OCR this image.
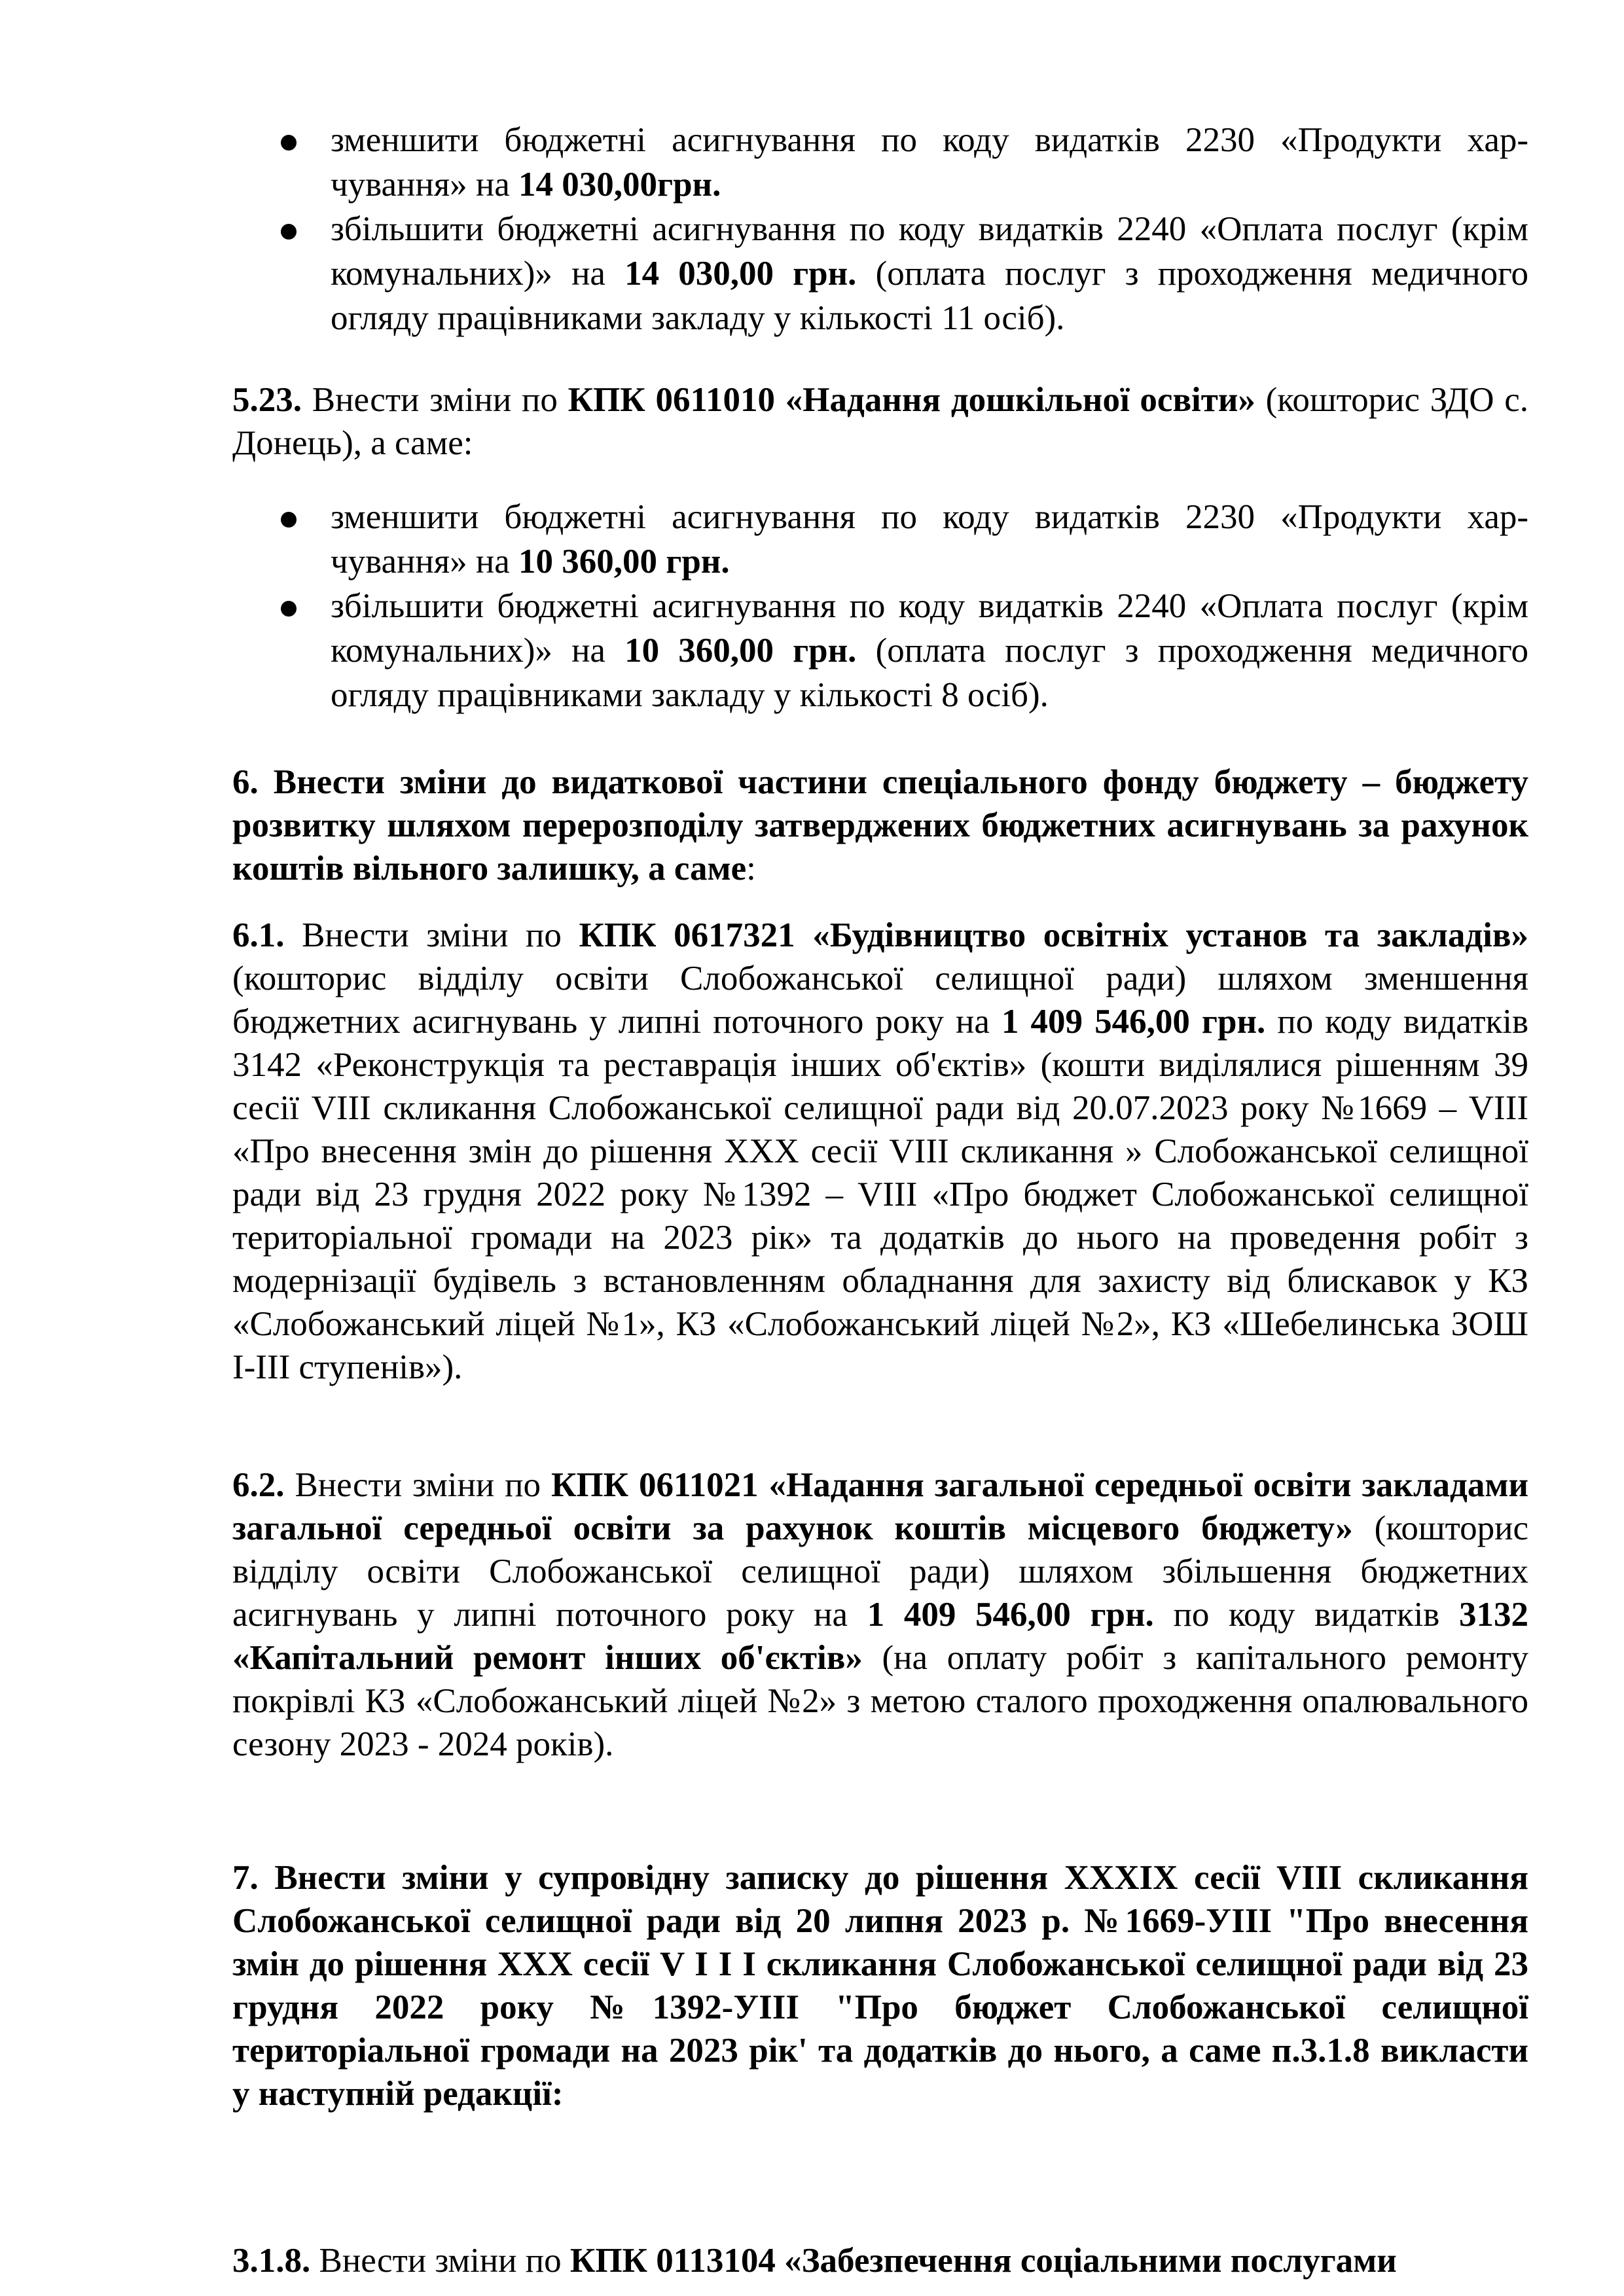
зменшити бюджетні асигнування по коду видатків 2230 «Продукти хар-чування» на 14 030,00грн.
збільшити бюджетні асигнування по коду видатків 2240 «Оплата послуг (крім комунальних)» на 14 030,00 грн. (оплата послуг з проходження медичного огляду працівниками закладу у кількості 11 осіб).

5.23. Внести зміни по КПК 0611010 «Надання дошкільної освіти» (кошторис ЗДО с. Донець), а саме:

зменшити бюджетні асигнування по коду видатків 2230 «Продукти хар-чування» на 10 360,00 грн.
збільшити бюджетні асигнування по коду видатків 2240 «Оплата послуг (крім комунальних)» на 10 360,00 грн. (оплата послуг з проходження медичного огляду працівниками закладу у кількості 8 осіб).

6. Внести зміни до видаткової частини спеціального фонду бюджету – бюджету розвитку шляхом перерозподілу затверджених бюджетних асигнувань за рахунок коштів вільного залишку, а саме:

6.1. Внести зміни по КПК 0617321 «Будівництво освітніх установ та закладів» (кошторис відділу освіти Слобожанської селищної ради) шляхом зменшення бюджетних асигнувань у липні поточного року на 1 409 546,00 грн. по коду видатків 3142 «Реконструкція та реставрація інших об'єктів» (кошти виділялися рішенням 39 сесії VIII скликання Слобожанської селищної ради від 20.07.2023 року №1669 – VIII «Про внесення змін до рішення XXX сесії VIII скликання » Слобожанської селищної ради від 23 грудня 2022 року №1392 – VIII «Про бюджет Слобожанської селищної територіальної громади на 2023 рік» та додатків до нього на проведення робіт з модернізації будівель з встановленням обладнання для захисту від блискавок у КЗ «Слобожанський ліцей №1», КЗ «Слобожанський ліцей №2», КЗ «Шебелинська ЗОШ І-ІІІ ступенів»).

6.2. Внести зміни по КПК 0611021 «Надання загальної середньої освіти закладами загальної середньої освіти за рахунок коштів місцевого бюджету» (кошторис відділу освіти Слобожанської селищної ради) шляхом збільшення бюджетних асигнувань у липні поточного року на 1 409 546,00 грн. по коду видатків 3132 «Капітальний ремонт інших об'єктів» (на оплату робіт з капітального ремонту покрівлі КЗ «Слобожанський ліцей №2» з метою сталого проходження опалювального сезону 2023 - 2024 років).

7. Внести зміни у супровідну записку до рішення XXXIX сесії VIII скликання Слобожанської селищної ради від 20 липня 2023 р. №1669-УІІІ "Про внесення змін до рішення XXX сесії V I I I скликання Слобожанської селищної ради від 23 грудня 2022 року №1392-УІІІ "Про бюджет Слобожанської селищної територіальної громади на 2023 рік' та додатків до нього, а саме п.3.1.8 викласти у наступній редакції:

3.1.8. Внести зміни по КПК 0113104 «Забезпечення соціальними послугами
